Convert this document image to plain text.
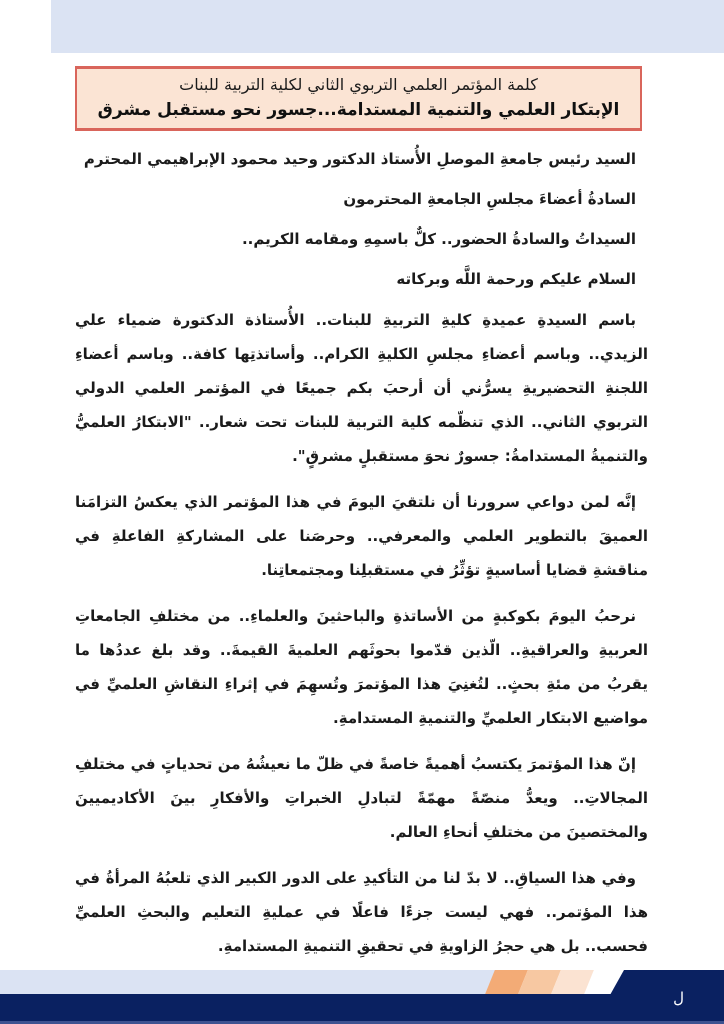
كلمة المؤتمر العلمي التربوي الثاني لكلية التربية للبنات

الإبتكار العلمي والتنمية المستدامة...جسور نحو مستقبل مشرق

السيد رئيس جامعةِ الموصلِ الأُستاذ الدكتور وحيد محمود الإبراهيمي المحترم

السادةُ أعضاءَ مجلسِ الجامعةِ المحترمون

السيداتُ والسادةُ الحضور.. كلٌّ باسمِهِ ومقامه الكريم..

السلام عليكم ورحمة اللَّه وبركاته

باسم السيدةِ عميدةِ كليةِ التربيةِ للبنات.. الأُستاذة الدكتورة ضمياء علي الزيدي.. وباسم أعضاءِ مجلسِ الكليةِ الكرام.. وأساتذتِها كافة.. وباسم أعضاءِ اللجنةِ التحضيريةِ يسرُّني أن أرحبَ بكم جميعًا في المؤتمر العلمي الدولي التربوي الثاني.. الذي تنظّمه كلية التربية للبنات تحت شعار.. "الابتكارُ العلميُّ والتنميةُ المستدامةُ: جسورٌ نحوَ مستقبلٍ مشرقٍ".

إنَّه لمن دواعي سرورنا أن نلتقيَ اليومَ في هذا المؤتمر الذي يعكسُ التزامَنا العميقَ بالتطوير العلمي والمعرفي.. وحرصَنا على المشاركةِ الفاعلةِ في مناقشةِ قضايا أساسيةٍ تؤثِّرُ في مستقبلِنا ومجتمعاتِنا.

نرحبُ اليومَ بكوكبةٍ من الأساتذةِ والباحثينَ والعلماءِ.. من مختلفِ الجامعاتِ العربيةِ والعراقيةِ.. الّذين قدّموا بحوثَهم العلميةَ القيمةَ.. وقد بلغ عددُها ما يقربُ من مئةِ بحثٍ.. لتُغنِيَ هذا المؤتمرَ وتُسهِمَ في إثراءِ النقاشِ العلميِّ في مواضيع الابتكار العلميِّ والتنميةِ المستدامةِ.

إنّ هذا المؤتمرَ يكتسبُ أهميةً خاصةً في ظلّ ما نعيشُهُ من تحدياتٍ في مختلفِ المجالاتِ.. ويعدُّ منصّةً مهمّةً لتبادلِ الخبراتِ والأفكارِ بينَ الأكاديميينَ والمختصينَ من مختلفِ أنحاءِ العالم.

وفي هذا السياقِ.. لا بدّ لنا من التأكيدِ على الدور الكبير الذي تلعبُهُ المرأةُ في هذا المؤتمر.. فهي ليست جزءًا فاعلًا في عمليةِ التعليم والبحثِ العلميِّ فحسب.. بل هي حجرُ الزاويةِ في تحقيقِ التنميةِ المستدامةِ.

ل
